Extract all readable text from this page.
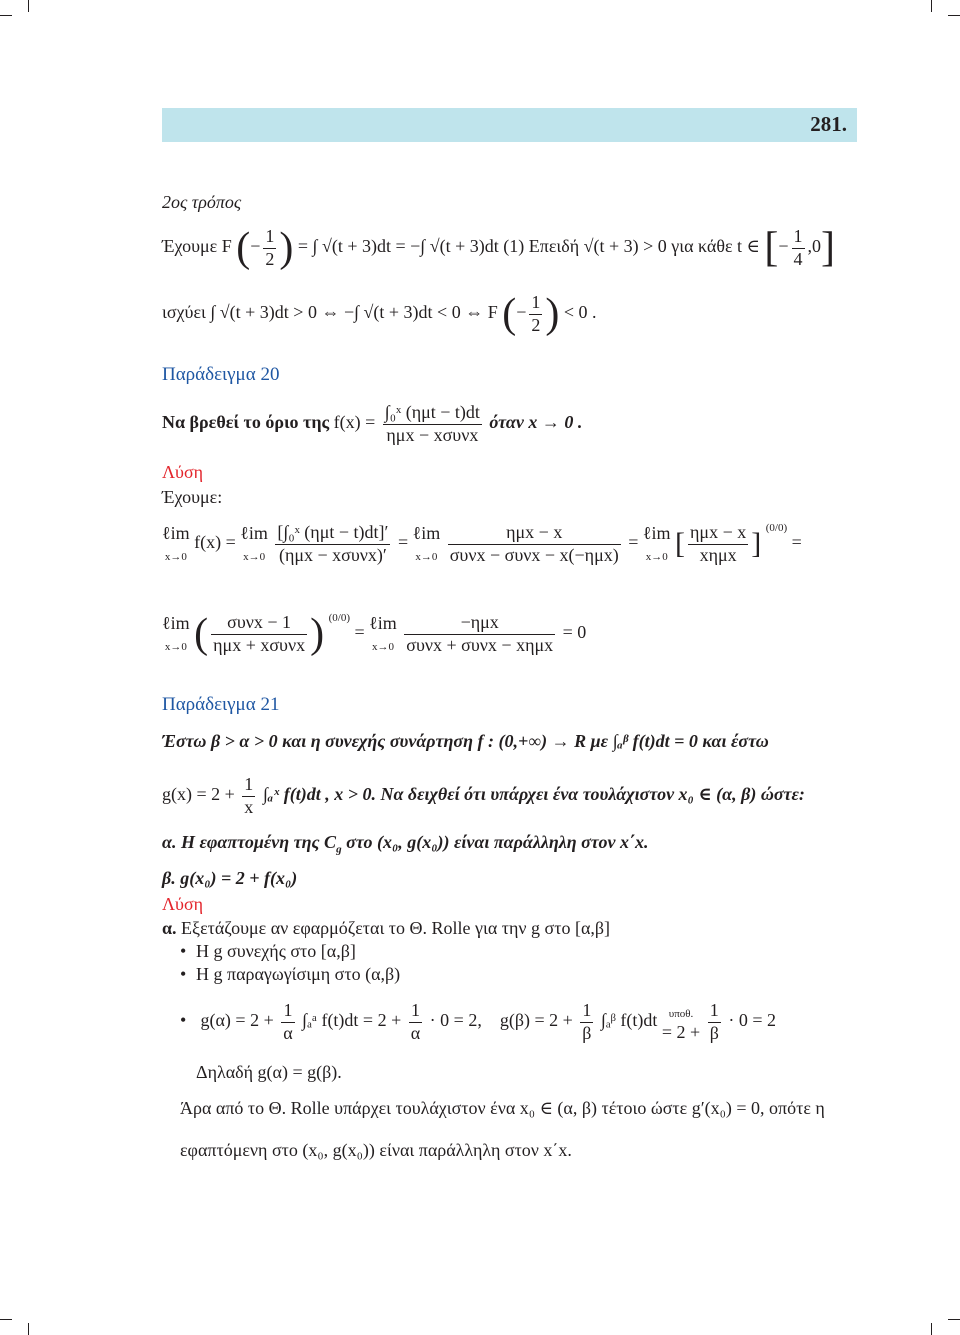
281.
2ος τρόπος
Έχουμε F (− $\frac{1}{2}$ ) = ∫ √(t + 3)dt = −∫ √(t + 3)dt (1) Επειδή √(t + 3) > 0 για κάθε t ∈ [− $\frac{1}{4} ,0$]
ισχύει ∫ √(t + 3)dt > 0 ⇔ −∫ √(t + 3)dt < 0 ⇔ F (− $\frac{1}{2}$ ) < 0 .
Παράδειγμα 20
Να βρεθεί το όριο της $f(x) = \frac{\text{∫₀ˣ (ημt − t)dt}}{\text{ημx − xσυνx}}$ όταν x → 0 .
Λύση
Έχουμε:
ℓim
x→0 f(x) = ℓim
$x\to 0 \frac{\text{[∫₀ˣ (ημt − t)dt]′}}{\text{(ημx − xσυνx)′}}$ = ℓim
$x\to 0 \frac{\text{ημx − x}}{\text{συνx − συνx − x(−ημx)}}$ = ℓim
x→0 [ $\frac{\text{ημx − x}}{\text{xημx}}$ ] $^{(0/0)}$ =
ℓim
x→0 ( $\frac{\text{συνx − 1}}{\text{ημx + xσυνx}}$ ) $^{(0/0)}$ = ℓim
$x\to 0 \frac{\text{−ημx}}{\text{συνx + συνx − xημx}} = 0$
Παράδειγμα 21
Έστω β > α > 0 και η συνεχής συνάρτηση f : (0,+∞) → R με ∫ₐᵝ f(t)dt = 0 και έστω
$g(x) = 2 + \frac{1}{x}$ ∫ₐˣ f(t)dt , x > 0. Να δειχθεί ότι υπάρχει ένα τουλάχιστον x₀ ∈ (α, β) ώστε:
α. Η εφαπτομένη της $C_g$ στο (x₀, g(x₀)) είναι παράλληλη στον x΄x.
β. g(x₀) = 2 + f(x₀)
Λύση
α. Εξετάζουμε αν εφαρμόζεται το Θ. Rolle για την g στο [α,β]
• Η g συνεχής στο [α,β]
• Η g παραγωγίσιμη στο (α,β)
• $g(\alpha) = 2 + \frac{1}{\alpha}$ ∫ₐᵃ $f(t)dt = 2 + \frac{1}{\alpha} \cdot 0 = 2$, $g(\beta) = 2 + \frac{1}{\beta}$ ∫ₐᵝ f(t)dt υποθ.
= $2 + \frac{1}{\beta} \cdot 0 = 2$
Δηλαδή g(α) = g(β).
Άρα από το Θ. Rolle υπάρχει τουλάχιστον ένα x₀ ∈ (α, β) τέτοιο ώστε g′(x₀) = 0, οπότε η
εφαπτόμενη στο (x₀, g(x₀)) είναι παράλληλη στον x΄x.
